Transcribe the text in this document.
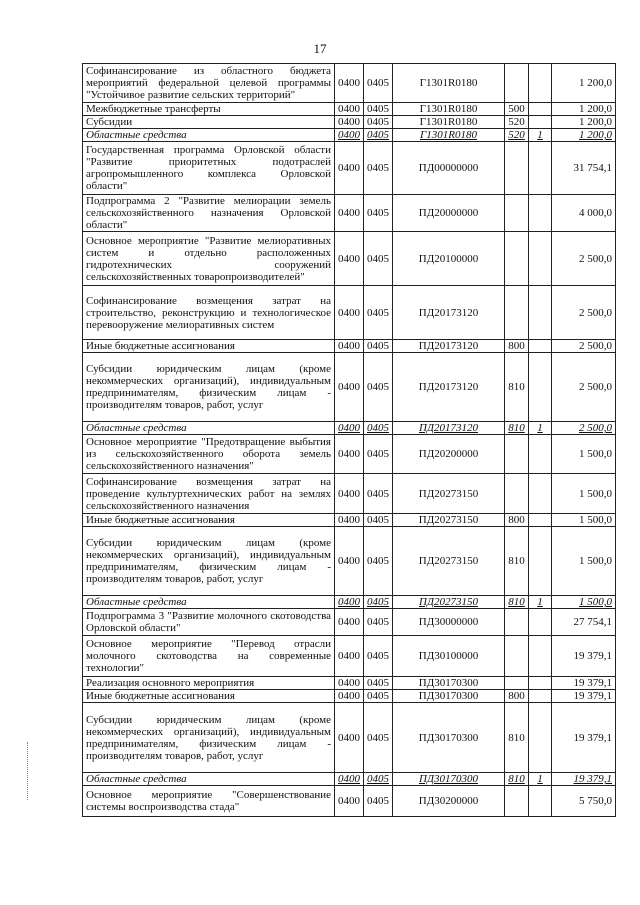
17
Софинансирование из областного бюджета мероприятий федеральной целевой программы "Устойчивое развитие сельских территорий"	0400	0405	Г1301R0180			1 200,0
Межбюджетные трансферты	0400	0405	Г1301R0180	500		1 200,0
Субсидии	0400	0405	Г1301R0180	520		1 200,0
Областные средства	0400	0405	Г1301R0180	520	1	1 200,0
Государственная программа Орловской области "Развитие приоритетных подотраслей агропромышленного комплекса Орловской области"	0400	0405	ПД00000000			31 754,1
Подпрограмма 2 "Развитие мелиорации земель сельскохозяйственного назначения Орловской области"	0400	0405	ПД20000000			4 000,0
Основное мероприятие "Развитие мелиоративных систем и отдельно расположенных гидротехнических сооружений сельскохозяйственных товаропроизводителей"	0400	0405	ПД20100000			2 500,0
Софинансирование возмещения затрат на строительство, реконструкцию и технологическое перевооружение мелиоративных систем	0400	0405	ПД20173120			2 500,0
Иные бюджетные ассигнования	0400	0405	ПД20173120	800		2 500,0
Субсидии юридическим лицам (кроме некоммерческих организаций), индивидуальным предпринимателям, физическим лицам - производителям товаров, работ, услуг	0400	0405	ПД20173120	810		2 500,0
Областные средства	0400	0405	ПД20173120	810	1	2 500,0
Основное мероприятие "Предотвращение выбытия из сельскохозяйственного оборота земель сельскохозяйственного назначения"	0400	0405	ПД20200000			1 500,0
Софинансирование возмещения затрат на проведение культуртехнических работ на землях сельскохозяйственного назначения	0400	0405	ПД20273150			1 500,0
Иные бюджетные ассигнования	0400	0405	ПД20273150	800		1 500,0
Субсидии юридическим лицам (кроме некоммерческих организаций), индивидуальным предпринимателям, физическим лицам - производителям товаров, работ, услуг	0400	0405	ПД20273150	810		1 500,0
Областные средства	0400	0405	ПД20273150	810	1	1 500,0
Подпрограмма 3 "Развитие молочного скотоводства Орловской области"	0400	0405	ПД30000000			27 754,1
Основное мероприятие "Перевод отрасли молочного скотоводства на современные технологии"	0400	0405	ПД30100000			19 379,1
Реализация основного мероприятия	0400	0405	ПД30170300			19 379,1
Иные бюджетные ассигнования	0400	0405	ПД30170300	800		19 379,1
Субсидии юридическим лицам (кроме некоммерческих организаций), индивидуальным предпринимателям, физическим лицам - производителям товаров, работ, услуг	0400	0405	ПД30170300	810		19 379,1
Областные средства	0400	0405	ПД30170300	810	1	19 379,1
Основное мероприятие "Совершенствование системы воспроизводства стада"	0400	0405	ПД30200000			5 750,0
